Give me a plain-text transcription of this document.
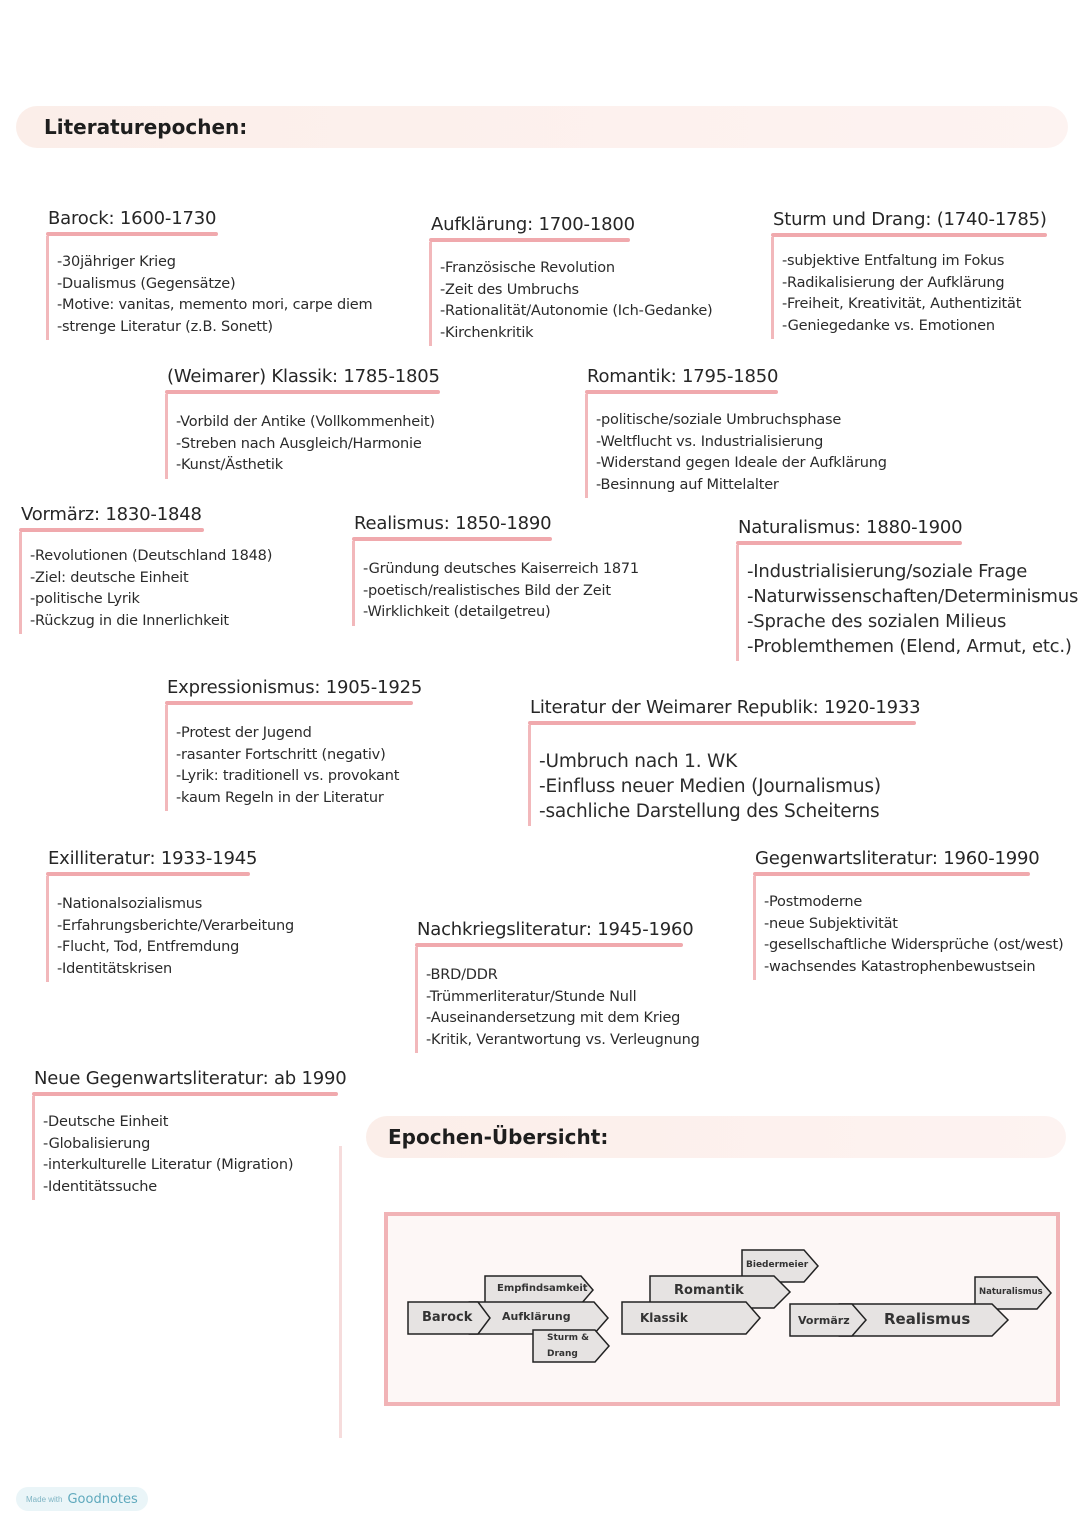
Literaturepochen:
Barock: 1600-1730
-30jähriger Krieg
-Dualismus (Gegensätze)
-Motive: vanitas, memento mori, carpe diem
-strenge Literatur (z.B. Sonett)
Aufklärung: 1700-1800
-Französische Revolution
-Zeit des Umbruchs
-Rationalität/Autonomie (Ich-Gedanke)
-Kirchenkritik
Sturm und Drang: (1740-1785)
-subjektive Entfaltung im Fokus
-Radikalisierung der Aufklärung
-Freiheit, Kreativität, Authentizität
-Geniegedanke vs. Emotionen
(Weimarer) Klassik: 1785-1805
-Vorbild der Antike (Vollkommenheit)
-Streben nach Ausgleich/Harmonie
-Kunst/Ästhetik
Romantik: 1795-1850
-politische/soziale Umbruchsphase
-Weltflucht vs. Industrialisierung
-Widerstand gegen Ideale der Aufklärung
-Besinnung auf Mittelalter
Vormärz: 1830-1848
-Revolutionen (Deutschland 1848)
-Ziel: deutsche Einheit
-politische Lyrik
-Rückzug in die Innerlichkeit
Realismus: 1850-1890
-Gründung deutsches Kaiserreich 1871
-poetisch/realistisches Bild der Zeit
-Wirklichkeit (detailgetreu)
Naturalismus: 1880-1900
-Industrialisierung/soziale Frage
-Naturwissenschaften/Determinismus
-Sprache des sozialen Milieus
-Problemthemen (Elend, Armut, etc.)
Expressionismus: 1905-1925
-Protest der Jugend
-rasanter Fortschritt (negativ)
-Lyrik: traditionell vs. provokant
-kaum Regeln in der Literatur
Literatur der Weimarer Republik: 1920-1933
-Umbruch nach 1. WK
-Einfluss neuer Medien (Journalismus)
-sachliche Darstellung des Scheiterns
Exilliteratur: 1933-1945
-Nationalsozialismus
-Erfahrungsberichte/Verarbeitung
-Flucht, Tod, Entfremdung
-Identitätskrisen
Gegenwartsliteratur: 1960-1990
-Postmoderne
-neue Subjektivität
-gesellschaftliche Widersprüche (ost/west)
-wachsendes Katastrophenbewustsein
Nachkriegsliteratur: 1945-1960
-BRD/DDR
-Trümmerliteratur/Stunde Null
-Auseinandersetzung mit dem Krieg
-Kritik, Verantwortung vs. Verleugnung
Neue Gegenwartsliteratur: ab 1990
-Deutsche Einheit
-Globalisierung
-interkulturelle Literatur (Migration)
-Identitätssuche
Epochen-Übersicht:
Empfindsamkeit
Aufklärung
Sturm &
Drang
Barock
Biedermeier
Romantik
Klassik
Naturalismus
Realismus
Vormärz
Made with Goodnotes
